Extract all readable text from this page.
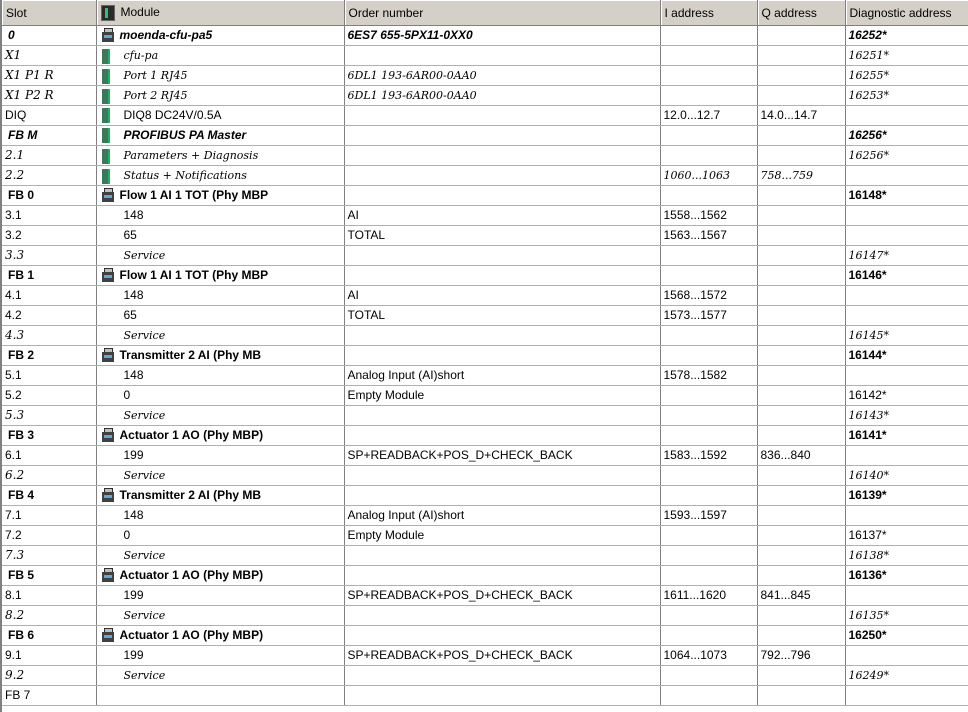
Slot	Module	Order number	I address	Q address	Diagnostic address
0	moenda-cfu-pa5	6ES7 655-5PX11-0XX0			16252*
X1	cfu-pa				16251*
X1 P1 R	Port 1 RJ45	6DL1 193-6AR00-0AA0			16255*
X1 P2 R	Port 2 RJ45	6DL1 193-6AR00-0AA0			16253*
DIQ	DIQ8 DC24V/0.5A		12.0...12.7	14.0...14.7	
FB M	PROFIBUS PA Master				16256*
2.1	Parameters + Diagnosis				16256*
2.2	Status + Notifications		1060...1063	758...759	
FB 0	Flow 1 AI 1 TOT (Phy MBP				16148*
3.1	148	AI	1558...1562		
3.2	65	TOTAL	1563...1567		
3.3	Service				16147*
FB 1	Flow 1 AI 1 TOT (Phy MBP				16146*
4.1	148	AI	1568...1572		
4.2	65	TOTAL	1573...1577		
4.3	Service				16145*
FB 2	Transmitter 2 AI (Phy MB				16144*
5.1	148	Analog Input (AI)short	1578...1582		
5.2	0	Empty Module			16142*
5.3	Service				16143*
FB 3	Actuator 1 AO (Phy MBP)				16141*
6.1	199	SP+READBACK+POS_D+CHECK_BACK	1583...1592	836...840	
6.2	Service				16140*
FB 4	Transmitter 2 AI (Phy MB				16139*
7.1	148	Analog Input (AI)short	1593...1597		
7.2	0	Empty Module			16137*
7.3	Service				16138*
FB 5	Actuator 1 AO (Phy MBP)				16136*
8.1	199	SP+READBACK+POS_D+CHECK_BACK	1611...1620	841...845	
8.2	Service				16135*
FB 6	Actuator 1 AO (Phy MBP)				16250*
9.1	199	SP+READBACK+POS_D+CHECK_BACK	1064...1073	792...796	
9.2	Service				16249*
FB 7					
